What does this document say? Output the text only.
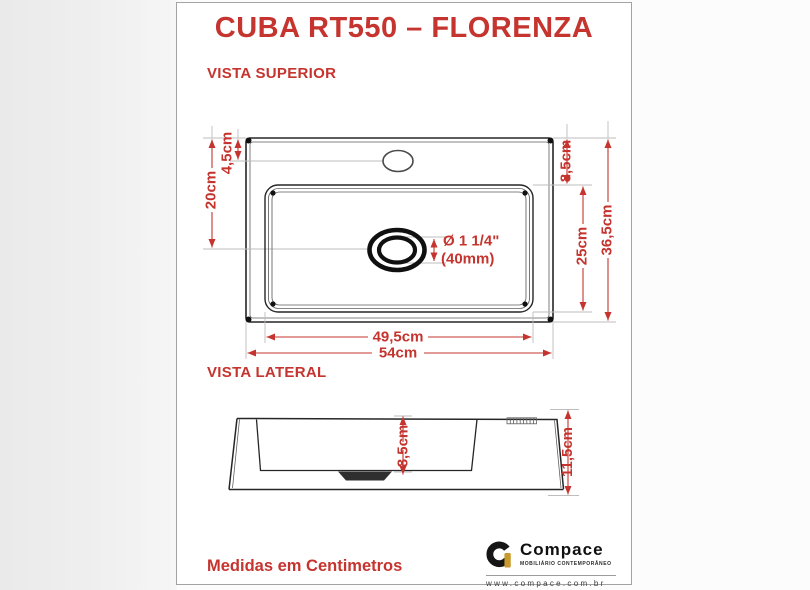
CUBA RT550 – FLORENZA
VISTA SUPERIOR
VISTA LATERAL
Medidas em Centimetros
Compace
MOBILIÁRIO CONTEMPORÂNEO
www.compace.com.br
20cm
4,5cm	8,5cm
25cm 36,5cm
49,5cm
54cm
Ø 1 1/4"
(40mm)
8,5cm	11,5cm
